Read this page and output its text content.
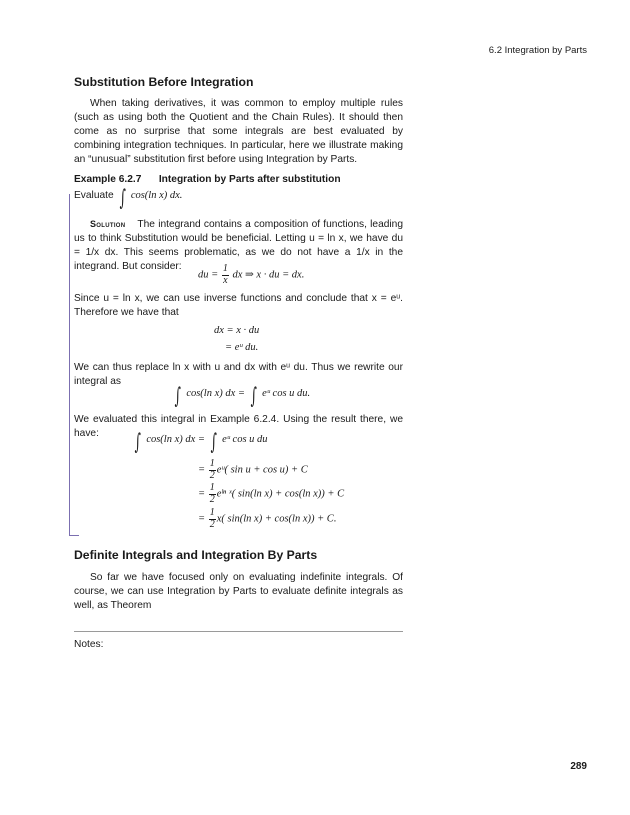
6.2 Integration by Parts
Substitution Before Integration

When taking derivatives, it was common to employ multiple rules (such as using both the Quotient and the Chain Rules). It should then come as no surprise that some integrals are best evaluated by combining integration techniques. In particular, here we illustrate making an “unusual” substitution first before using Integration by Parts.

Example 6.2.7 Integration by Parts after substitution
Evaluate ∫ cos(ln x) dx.

Solution The integrand contains a composition of functions, leading us to think Substitution would be beneficial. Letting u = ln x, we have du = 1/x dx. This seems problematic, as we do not have a 1/x in the integrand. But consider:

du = $\frac{1}{x}$ dx ⇒ x · du = dx.

Since u = ln x, we can use inverse functions and conclude that x = eᵘ. Therefore we have that

dx = x · du
= eᵘ du.

We can thus replace ln x with u and dx with eᵘ du. Thus we rewrite our integral as

∫ cos(ln x) dx = ∫ eᵘ cos u du.

We evaluated this integral in Example 6.2.4. Using the result there, we have:	∫ cos(ln x) dx = ∫ eᵘ cos u du
= $\frac{1}{2}$ eᵘ( sin u + cos u) + C
= $\frac{1}{2}$ eˡⁿ ˣ( sin(ln x) + cos(ln x)) + C
= $\frac{1}{2} x$( sin(ln x) + cos(ln x)) + C.
Definite Integrals and Integration By Parts

So far we have focused only on evaluating indefinite integrals. Of course, we can use Integration by Parts to evaluate definite integrals as well, as Theorem

Notes:
289
